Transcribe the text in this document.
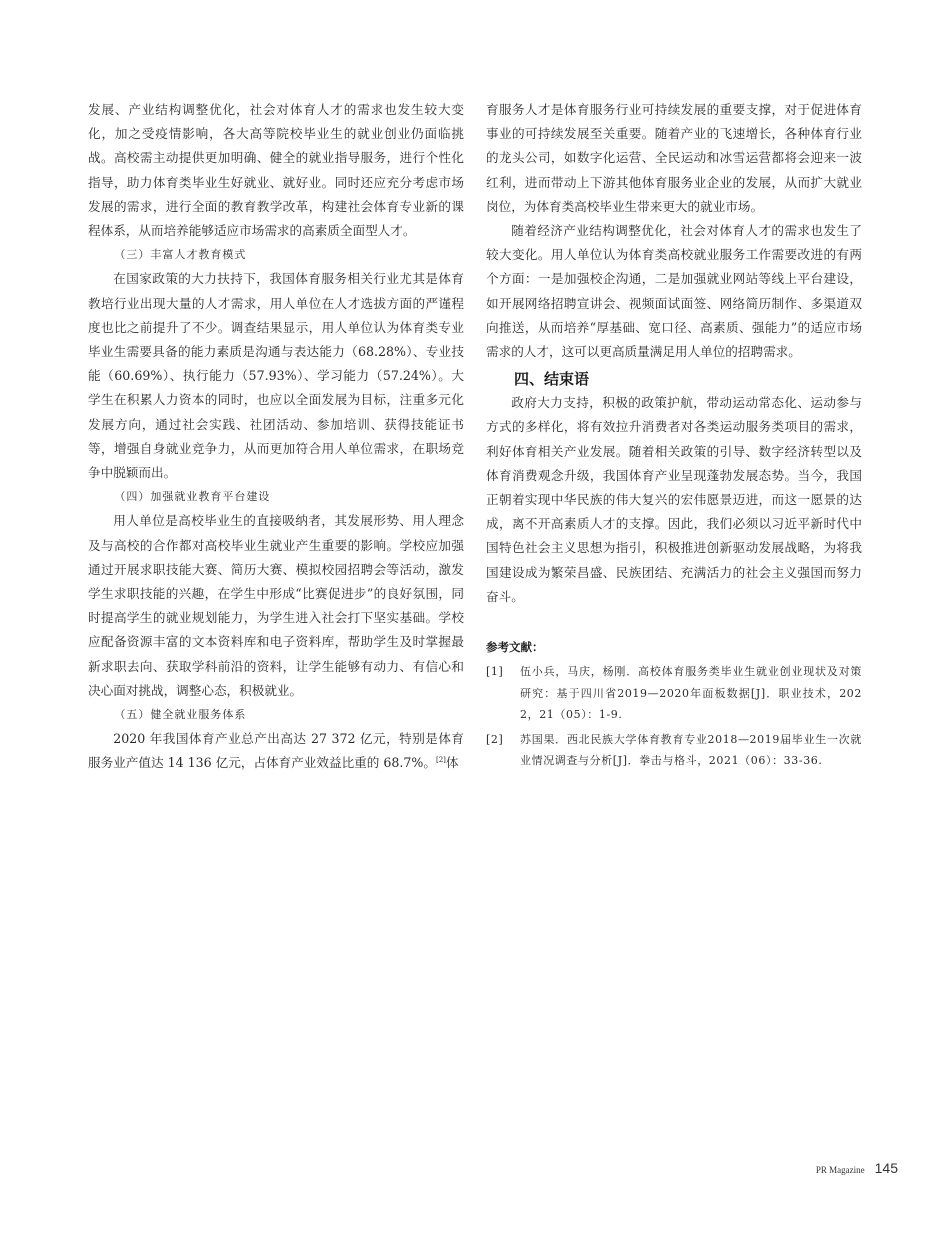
发展、产业结构调整优化，社会对体育人才的需求也发生较大变化，加之受疫情影响，各大高等院校毕业生的就业创业仍面临挑战。高校需主动提供更加明确、健全的就业指导服务，进行个性化指导，助力体育类毕业生好就业、就好业。同时还应充分考虑市场发展的需求，进行全面的教育教学改革，构建社会体育专业新的课程体系，从而培养能够适应市场需求的高素质全面型人才。

（三）丰富人才教育模式

在国家政策的大力扶持下，我国体育服务相关行业尤其是体育教培行业出现大量的人才需求，用人单位在人才选拔方面的严谨程度也比之前提升了不少。调查结果显示，用人单位认为体育类专业毕业生需要具备的能力素质是沟通与表达能力（68.28%）、专业技能（60.69%）、执行能力（57.93%）、学习能力（57.24%）。大学生在积累人力资本的同时，也应以全面发展为目标，注重多元化发展方向，通过社会实践、社团活动、参加培训、获得技能证书等，增强自身就业竞争力，从而更加符合用人单位需求，在职场竞争中脱颖而出。

（四）加强就业教育平台建设

用人单位是高校毕业生的直接吸纳者，其发展形势、用人理念及与高校的合作都对高校毕业生就业产生重要的影响。学校应加强通过开展求职技能大赛、简历大赛、模拟校园招聘会等活动，激发学生求职技能的兴趣，在学生中形成“比赛促进步”的良好氛围，同时提高学生的就业规划能力，为学生进入社会打下坚实基础。学校应配备资源丰富的文本资料库和电子资料库，帮助学生及时掌握最新求职去向、获取学科前沿的资料，让学生能够有动力、有信心和决心面对挑战，调整心态，积极就业。

（五）健全就业服务体系

2020 年我国体育产业总产出高达 27 372 亿元，特别是体育服务业产值达 14 136 亿元，占体育产业效益比重的 68.7%。[2]体

育服务人才是体育服务行业可持续发展的重要支撑，对于促进体育事业的可持续发展至关重要。随着产业的飞速增长，各种体育行业的龙头公司，如数字化运营、全民运动和冰雪运营都将会迎来一波红利，进而带动上下游其他体育服务业企业的发展，从而扩大就业岗位，为体育类高校毕业生带来更大的就业市场。

随着经济产业结构调整优化，社会对体育人才的需求也发生了较大变化。用人单位认为体育类高校就业服务工作需要改进的有两个方面：一是加强校企沟通，二是加强就业网站等线上平台建设，如开展网络招聘宣讲会、视频面试面签、网络简历制作、多渠道双向推送，从而培养“厚基础、宽口径、高素质、强能力”的适应市场需求的人才，这可以更高质量满足用人单位的招聘需求。

四、结束语

政府大力支持，积极的政策护航，带动运动常态化、运动参与方式的多样化，将有效拉升消费者对各类运动服务类项目的需求，利好体育相关产业发展。随着相关政策的引导、数字经济转型以及体育消费观念升级，我国体育产业呈现蓬勃发展态势。当今，我国正朝着实现中华民族的伟大复兴的宏伟愿景迈进，而这一愿景的达成，离不开高素质人才的支撑。因此，我们必须以习近平新时代中国特色社会主义思想为指引，积极推进创新驱动发展战略，为将我国建设成为繁荣昌盛、民族团结、充满活力的社会主义强国而努力奋斗。

参考文献：
[1]	伍小兵，马庆，杨刚．高校体育服务类毕业生就业创业现状及对策研究：基于四川省2019—2020年面板数据[J]．职业技术，2022，21（05）：1-9.
[2]	苏国果．西北民族大学体育教育专业2018—2019届毕业生一次就业情况调查与分析[J]．拳击与格斗，2021（06）：33-36.
PR Magazine 145
